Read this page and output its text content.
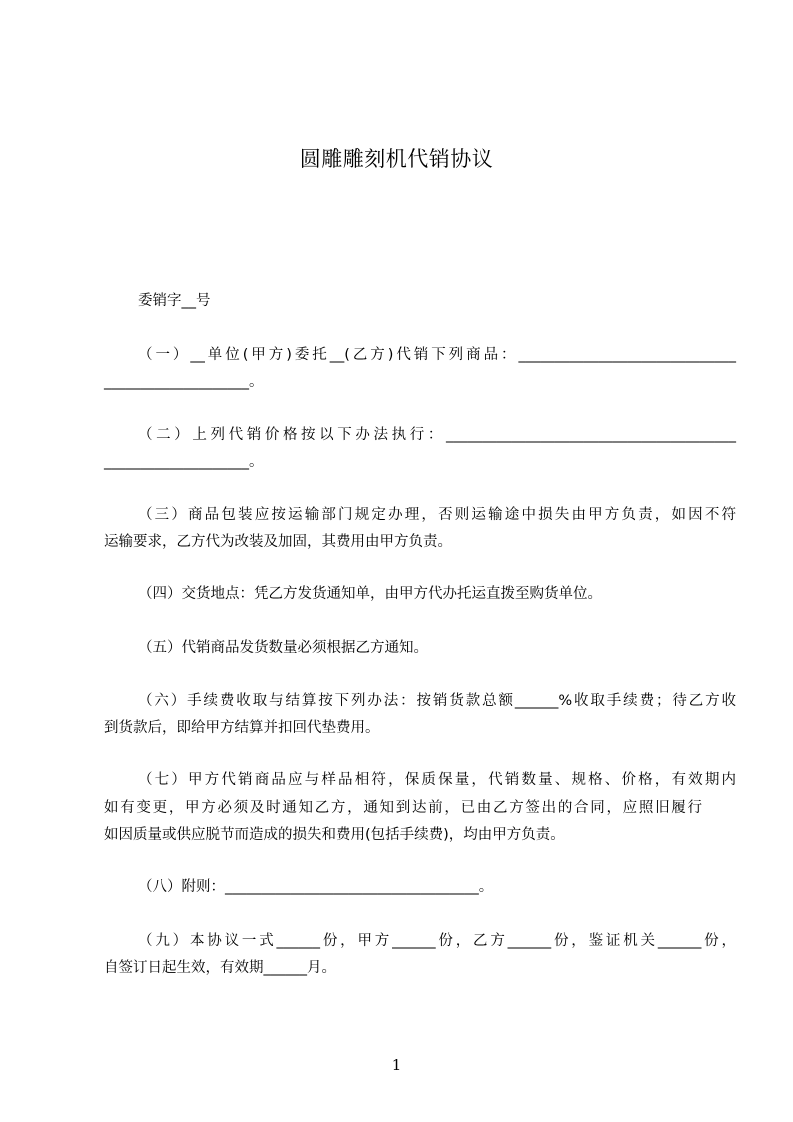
圆雕雕刻机代销协议
委销字__号
（一）__单位(甲方)委托__(乙方)代销下列商品：______________________________
____________________。
（二）上列代销价格按以下办法执行：________________________________________
____________________。
（三）商品包装应按运输部门规定办理，否则运输途中损失由甲方负责，如因不符
运输要求，乙方代为改装及加固，其费用由甲方负责。
（四）交货地点：凭乙方发货通知单，由甲方代办托运直拨至购货单位。
（五）代销商品发货数量必须根据乙方通知。
（六）手续费收取与结算按下列办法：按销货款总额______%收取手续费；待乙方收
到货款后，即给甲方结算并扣回代垫费用。
（七）甲方代销商品应与样品相符，保质保量，代销数量、规格、价格，有效期内
如有变更，甲方必须及时通知乙方，通知到达前，已由乙方签出的合同，应照旧履行
如因质量或供应脱节而造成的损失和费用(包括手续费)，均由甲方负责。
（八）附则：___________________________________。
（九）本协议一式______份，甲方______份，乙方______份，鉴证机关______份，
自签订日起生效，有效期______月。
1
